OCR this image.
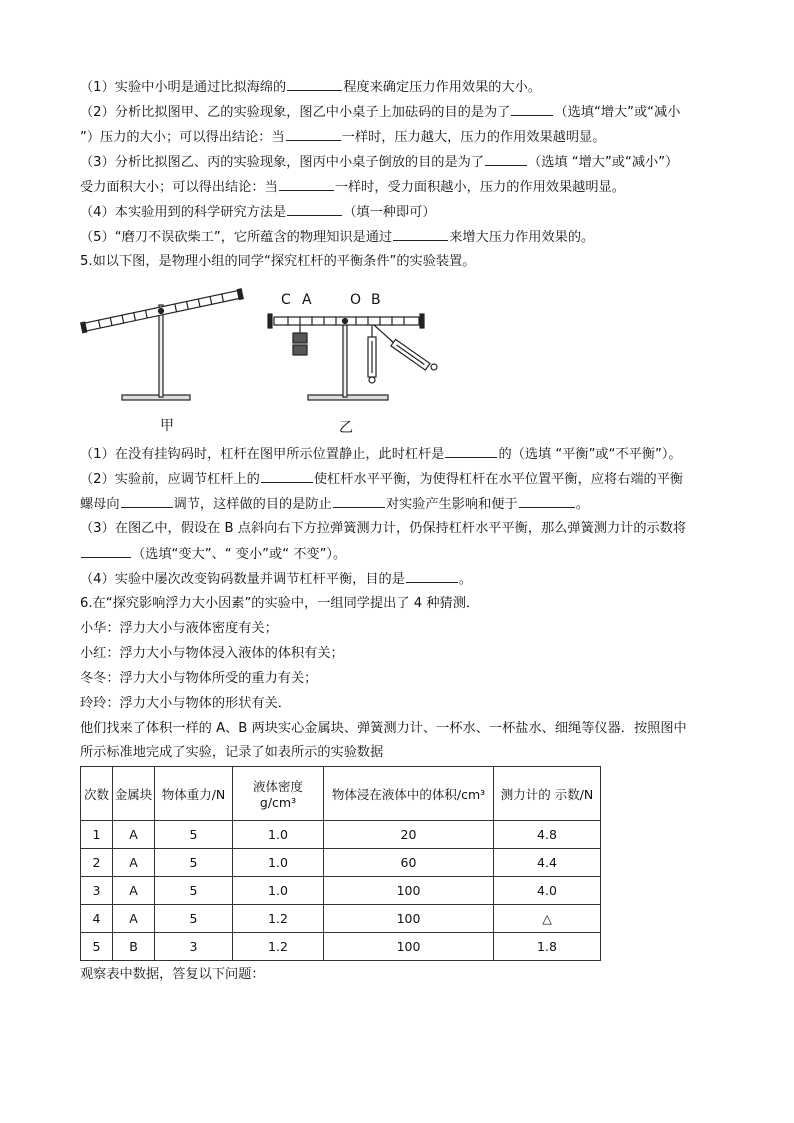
（1）实验中小明是通过比拟海绵的	程度来确定压力作用效果的大小。
（2）分析比拟图甲、乙的实验现象，图乙中小桌子上加砝码的目的是为了	（选填“增大”或“减小
”）压力的大小；可以得出结论：当	一样时，压力越大，压力的作用效果越明显。
（3）分析比拟图乙、丙的实验现象，图丙中小桌子倒放的目的是为了	（选填 “增大”或“减小”）
受力面积大小；可以得出结论：当	一样时，受力面积越小，压力的作用效果越明显。
（4）本实验用到的科学研究方法是	（填一种即可）
（5）“磨刀不误砍柴工”，它所蕴含的物理知识是通过	来增大压力作用效果的。
5.如以下图，是物理小组的同学“探究杠杆的平衡条件”的实验装置。
C A	O B
甲	乙
（1）在没有挂钩码时，杠杆在图甲所示位置静止，此时杠杆是	的（选填 “平衡”或“不平衡”）。
（2）实验前，应调节杠杆上的	使杠杆水平平衡，为使得杠杆在水平位置平衡，应将右端的平衡
螺母向	调节，这样做的目的是防止	对实验产生影响和便于	。
（3）在图乙中，假设在 B 点斜向右下方拉弹簧测力计，仍保持杠杆水平平衡，那么弹簧测力计的示数将
（选填“变大”、“ 变小”或“ 不变”）。
（4）实验中屡次改变钩码数量并调节杠杆平衡，目的是	。
6.在“探究影响浮力大小因素”的实验中，一组同学提出了 4 种猜测．
小华：浮力大小与液体密度有关；
小红：浮力大小与物体浸入液体的体积有关；
冬冬：浮力大小与物体所受的重力有关；
玲玲：浮力大小与物体的形状有关．
他们找来了体积一样的 A、B 两块实心金属块、弹簧测力计、一杯水、一杯盐水、细绳等仪器．按照图中
所示标准地完成了实验，记录了如表所示的实验数据
次数	金属块	物体重力/N	液体密度
g/cm³	物体浸在液体中的体积/cm³	测力计的 示数/N
1	A	5	1.0	20	4.8
2	A	5	1.0	60	4.4
3	A	5	1.0	100	4.0
4	A	5	1.2	100	△
5	B	3	1.2	100	1.8
观察表中数据，答复以下问题：
